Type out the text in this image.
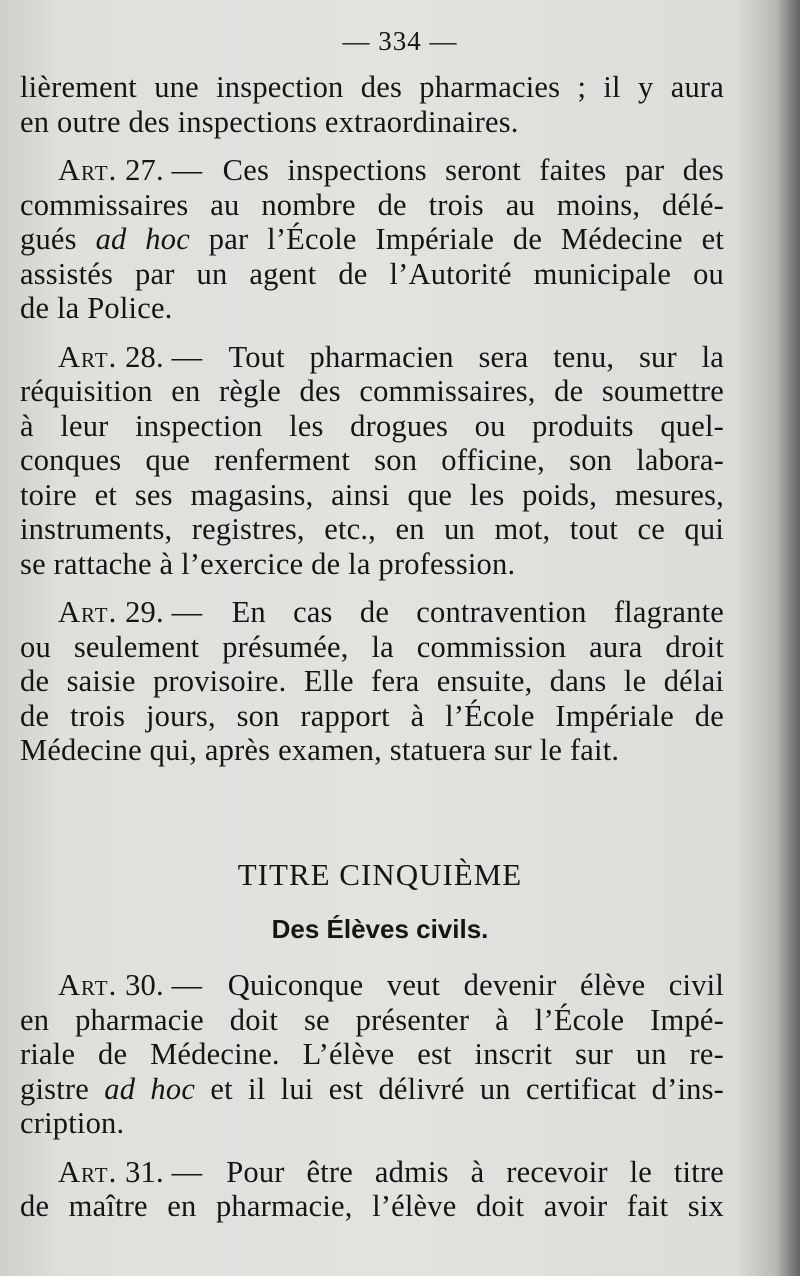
— 334 —
lièrement une inspection des pharmacies ; il y aura
en outre des inspections extraordinaires.
Art. 27. — Ces inspections seront faites par des
commissaires au nombre de trois au moins, délé-
gués ad hoc par l’École Impériale de Médecine et
assistés par un agent de l’Autorité municipale ou
de la Police.
Art. 28. — Tout pharmacien sera tenu, sur la
réquisition en règle des commissaires, de soumettre
à leur inspection les drogues ou produits quel-
conques que renferment son officine, son labora-
toire et ses magasins, ainsi que les poids, mesures,
instruments, registres, etc., en un mot, tout ce qui
se rattache à l’exercice de la profession.
Art. 29. — En cas de contravention flagrante
ou seulement présumée, la commission aura droit
de saisie provisoire. Elle fera ensuite, dans le délai
de trois jours, son rapport à l’École Impériale de
Médecine qui, après examen, statuera sur le fait.
TITRE CINQUIÈME
Des Élèves civils.
Art. 30. — Quiconque veut devenir élève civil
en pharmacie doit se présenter à l’École Impé-
riale de Médecine. L’élève est inscrit sur un re-
gistre ad hoc et il lui est délivré un certificat d’ins-
cription.
Art. 31. — Pour être admis à recevoir le titre
de maître en pharmacie, l’élève doit avoir fait six
